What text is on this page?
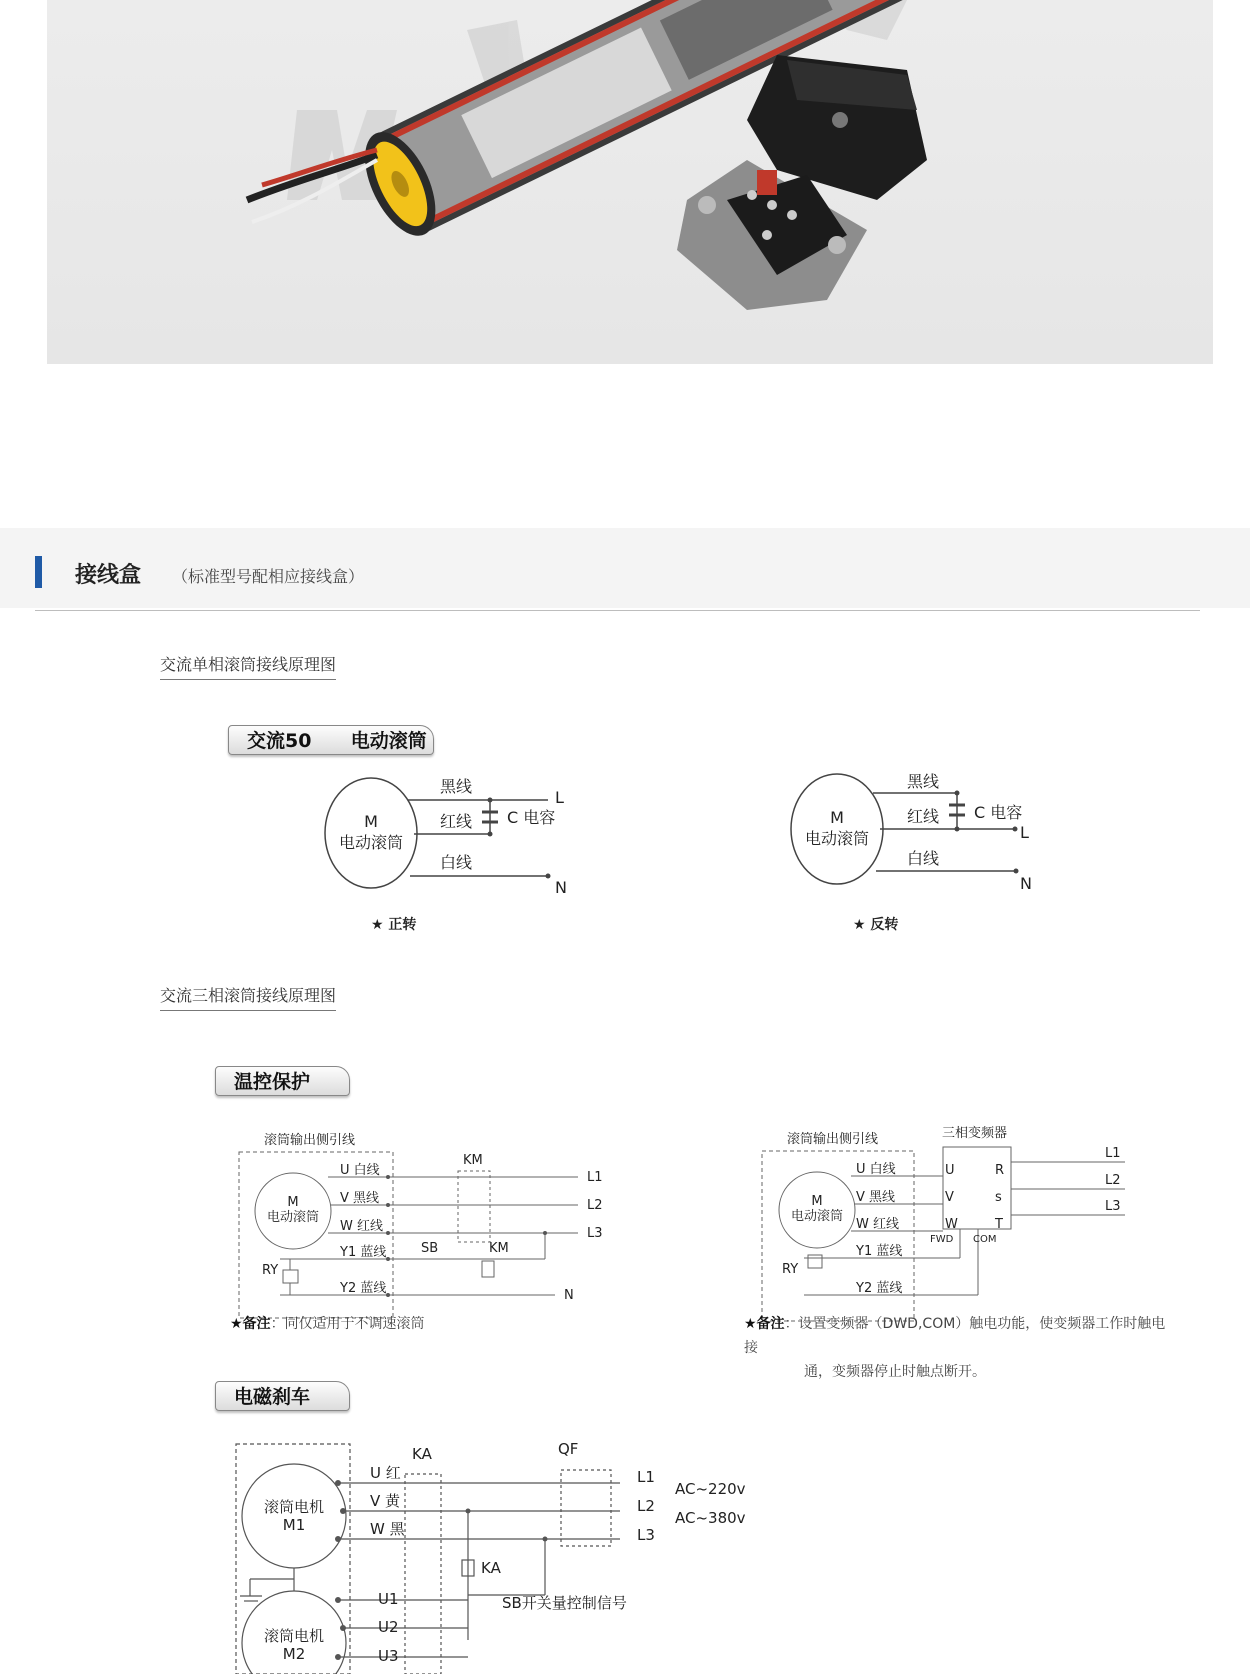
接线盒 （标准型号配相应接线盒）
交流单相滚筒接线原理图
交流50 电动滚筒
M
电动滚筒
黑线
红线
白线
C 电容
L
N
M
电动滚筒
黑线
红线
白线
C 电容
L
N
★ 正转	★ 反转
滚筒输出侧引线
M
电动滚筒
U 白线
V 黑线
W 红线
Y1 蓝线
Y2 蓝线
RY
KM
KM
SB
L1
L2
L3
N
滚筒输出侧引线
M
电动滚筒
U 白线
V 黑线
W 红线
Y1 蓝线
Y2 蓝线
RY
三相变频器
U
V
W
R
s
T
L1
L2
L3
FWD COM
滚筒电机
M1
滚筒电机
M2
U 红
V 黄
W 黑
KA
KA
QF
L1
L2
L3
AC~220v
AC~380v
SB开关量控制信号
U1
U2
U3
交流三相滚筒接线原理图
温控保护
★备注：同仅适用于不调速滚筒	★备注：设置变频器（DWD,COM）触电功能，使变频器工作时触电接
通，变频器停止时触点断开。
电磁刹车
